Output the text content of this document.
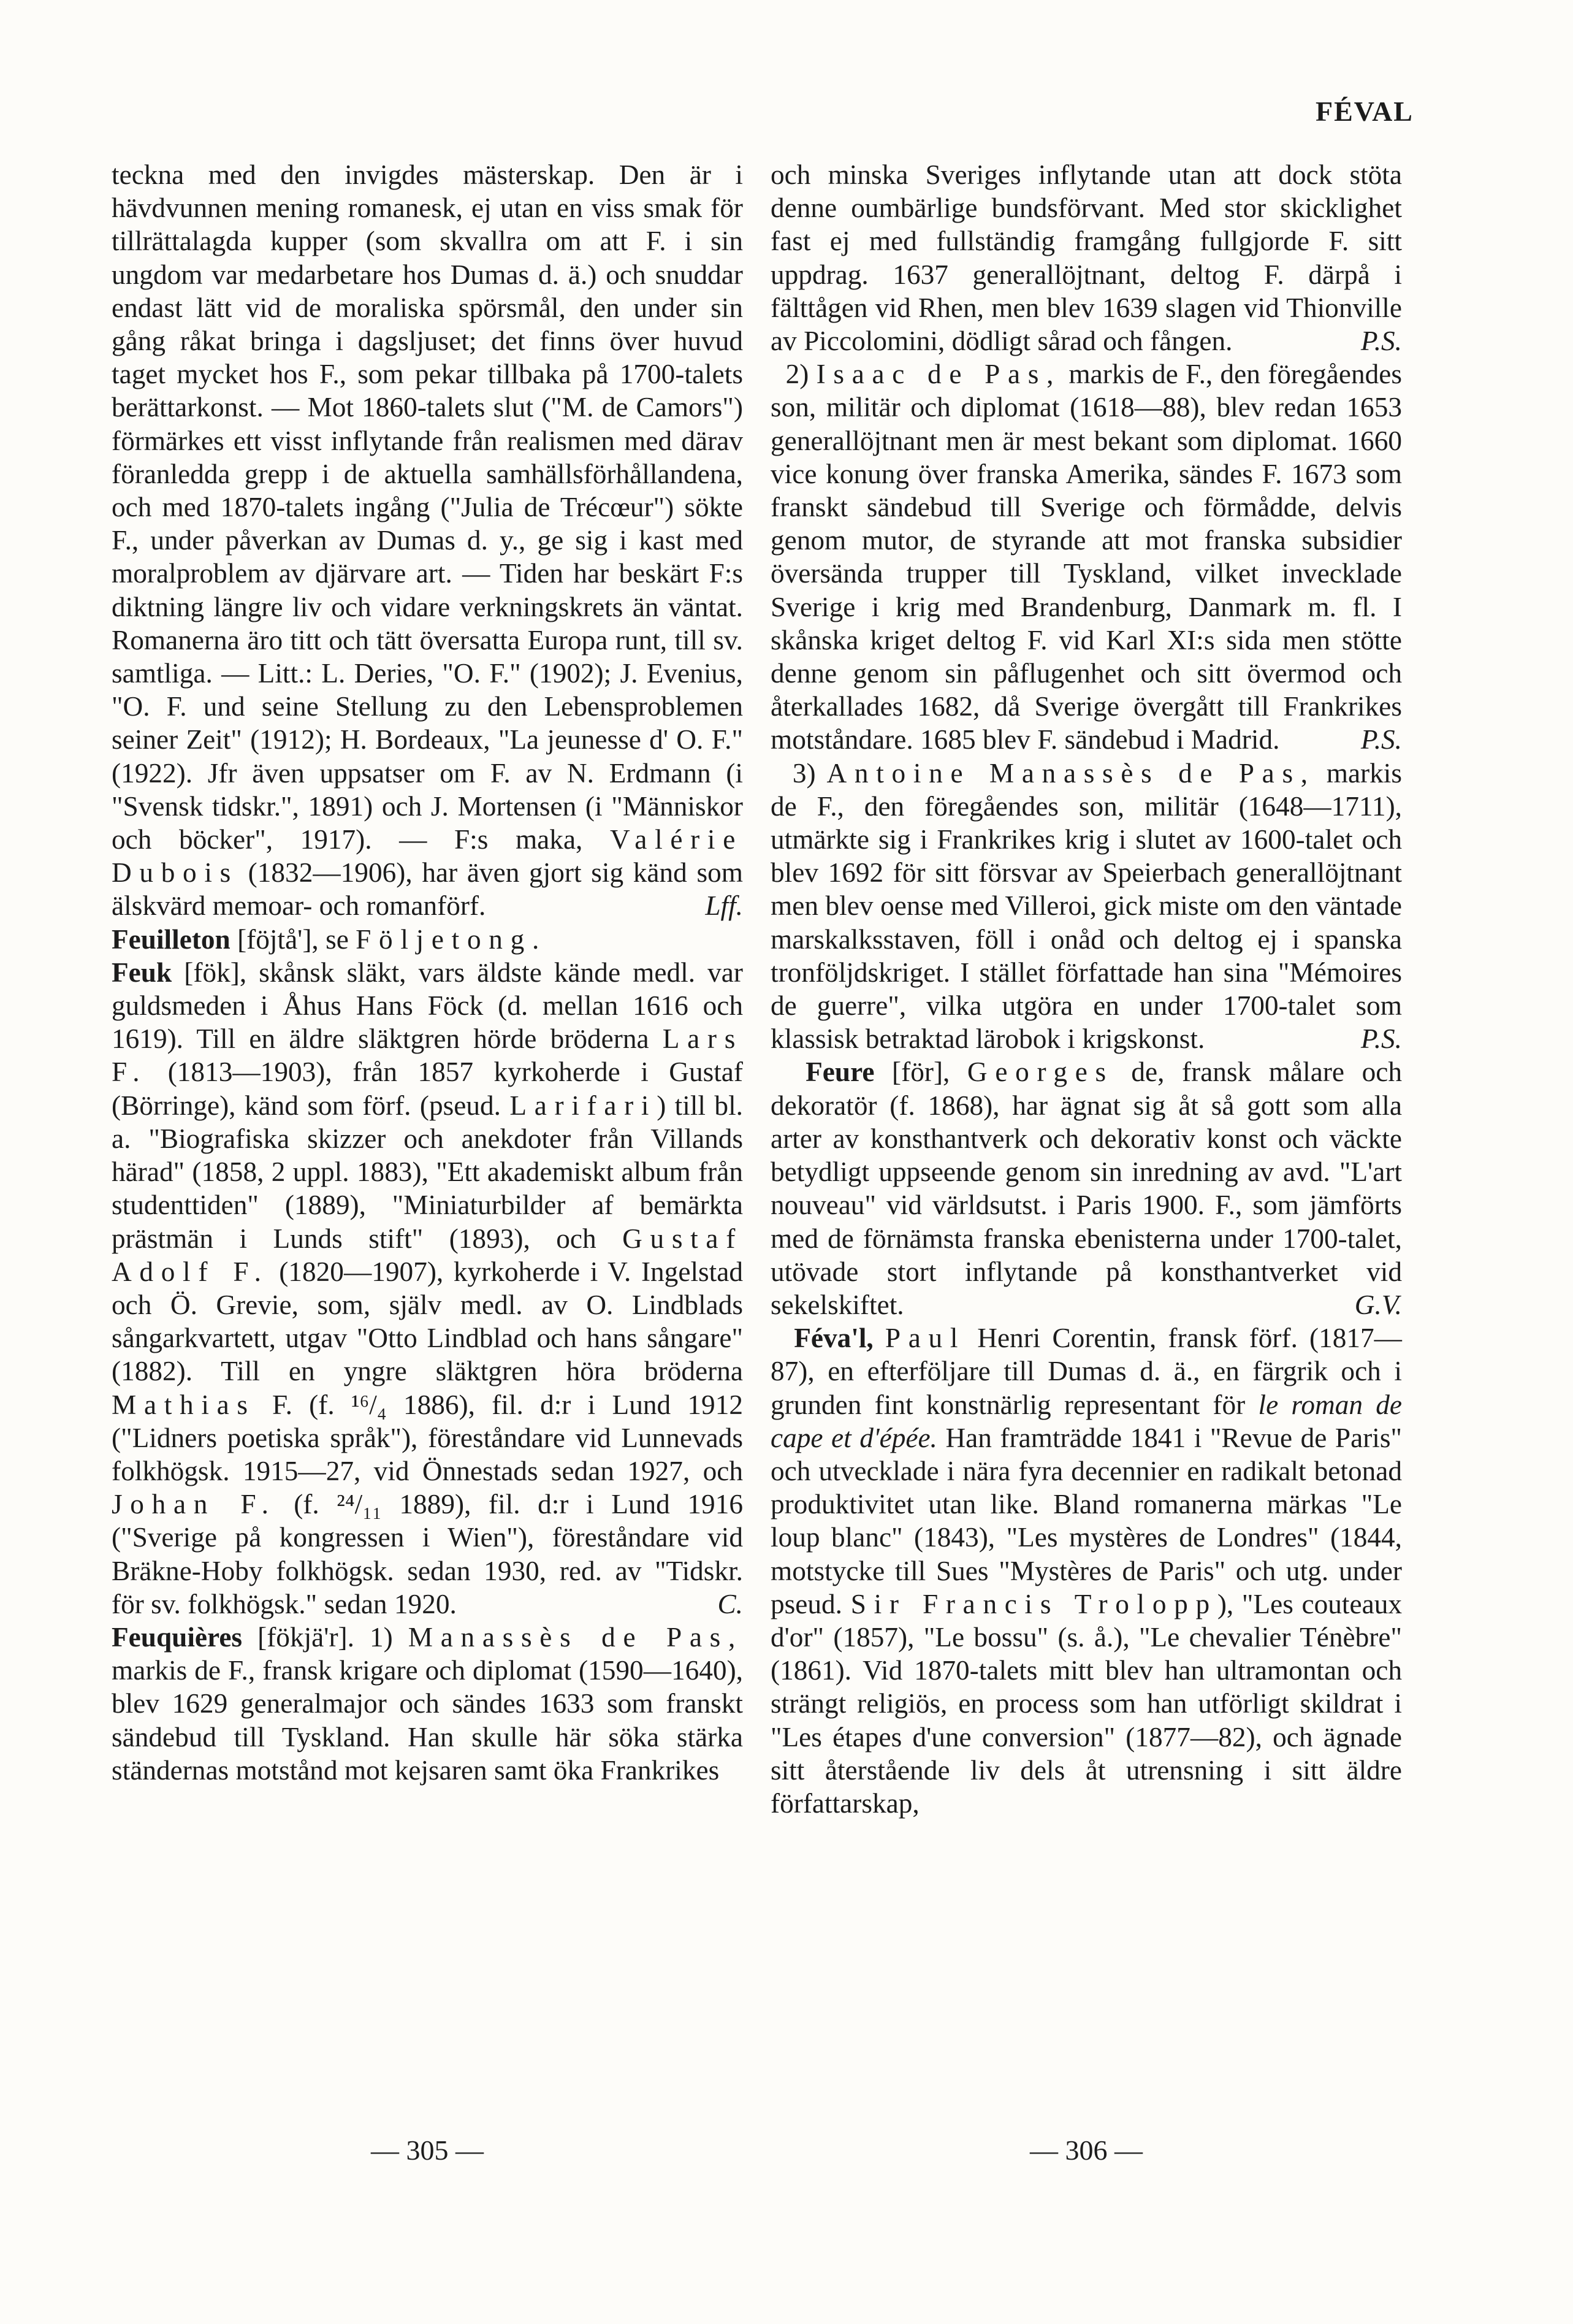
FÉVAL

teckna med den invigdes mästerskap. Den är i hävdvunnen mening romanesk, ej utan en viss smak för tillrättalagda kupper (som skvallra om att F. i sin ungdom var medarbetare hos Dumas d. ä.) och snuddar endast lätt vid de moraliska spörsmål, den under sin gång råkat bringa i dagsljuset; det finns över huvud taget mycket hos F., som pekar tillbaka på 1700-talets berättarkonst. — Mot 1860-talets slut ("M. de Camors") förmärkes ett visst inflytande från realismen med därav föranledda grepp i de aktuella samhällsförhållandena, och med 1870-talets ingång ("Julia de Trécœur") sökte F., under påverkan av Dumas d. y., ge sig i kast med moralproblem av djärvare art. — Tiden har beskärt F:s diktning längre liv och vidare verkningskrets än väntat. Romanerna äro titt och tätt översatta Europa runt, till sv. samtliga. — Litt.: L. Deries, "O. F." (1902); J. Evenius, "O. F. und seine Stellung zu den Lebensproblemen seiner Zeit" (1912); H. Bordeaux, "La jeunesse d' O. F." (1922). Jfr även uppsatser om F. av N. Erdmann (i "Svensk tidskr.", 1891) och J. Mortensen (i "Människor och böcker", 1917). — F:s maka, Valérie Dubois (1832—1906), har även gjort sig känd som älskvärd memoar- och romanförf.	Lff.

Feuilleton [föjtå'], se Följetong.

Feuk [fök], skånsk släkt, vars äldste kände medl. var guldsmeden i Åhus Hans Föck (d. mellan 1616 och 1619). Till en äldre släktgren hörde bröderna Lars F. (1813—1903), från 1857 kyrkoherde i Gustaf (Börringe), känd som förf. (pseud. Larifari) till bl. a. "Biografiska skizzer och anekdoter från Villands härad" (1858, 2 uppl. 1883), "Ett akademiskt album från studenttiden" (1889), "Miniaturbilder af bemärkta prästmän i Lunds stift" (1893), och Gustaf Adolf F. (1820—1907), kyrkoherde i V. Ingelstad och Ö. Grevie, som, själv medl. av O. Lindblads sångarkvartett, utgav "Otto Lindblad och hans sångare" (1882). Till en yngre släktgren höra bröderna Mathias F. (f. ¹⁶/₄ 1886), fil. d:r i Lund 1912 ("Lidners poetiska språk"), föreståndare vid Lunnevads folkhögsk. 1915—27, vid Önnestads sedan 1927, och Johan F. (f. ²⁴/₁₁ 1889), fil. d:r i Lund 1916 ("Sverige på kongressen i Wien"), föreståndare vid Bräkne-Hoby folkhögsk. sedan 1930, red. av "Tidskr. för sv. folkhögsk." sedan 1920.	C.

Feuquières [fökjä'r]. 1) Manassès de Pas, markis de F., fransk krigare och diplomat (1590—1640), blev 1629 generalmajor och sändes 1633 som franskt sändebud till Tyskland. Han skulle här söka stärka ständernas motstånd mot kejsaren samt öka Frankrikes

och minska Sveriges inflytande utan att dock stöta denne oumbärlige bundsförvant. Med stor skicklighet fast ej med fullständig framgång fullgjorde F. sitt uppdrag. 1637 generallöjtnant, deltog F. därpå i fälttågen vid Rhen, men blev 1639 slagen vid Thionville av Piccolomini, dödligt sårad och fången.	P.S.

2) Isaac de Pas, markis de F., den föregåendes son, militär och diplomat (1618—88), blev redan 1653 generallöjtnant men är mest bekant som diplomat. 1660 vice konung över franska Amerika, sändes F. 1673 som franskt sändebud till Sverige och förmådde, delvis genom mutor, de styrande att mot franska subsidier översända trupper till Tyskland, vilket invecklade Sverige i krig med Brandenburg, Danmark m. fl. I skånska kriget deltog F. vid Karl XI:s sida men stötte denne genom sin påflugenhet och sitt övermod och återkallades 1682, då Sverige övergått till Frankrikes motståndare. 1685 blev F. sändebud i Madrid.	P.S.

3) Antoine Manassès de Pas, markis de F., den föregåendes son, militär (1648—1711), utmärkte sig i Frankrikes krig i slutet av 1600-talet och blev 1692 för sitt försvar av Speierbach generallöjtnant men blev oense med Villeroi, gick miste om den väntade marskalksstaven, föll i onåd och deltog ej i spanska tronföljdskriget. I stället författade han sina "Mémoires de guerre", vilka utgöra en under 1700-talet som klassisk betraktad lärobok i krigskonst.	P.S.

Feure [för], Georges de, fransk målare och dekoratör (f. 1868), har ägnat sig åt så gott som alla arter av konsthantverk och dekorativ konst och väckte betydligt uppseende genom sin inredning av avd. "L'art nouveau" vid världsutst. i Paris 1900. F., som jämförts med de förnämsta franska ebenisterna under 1700-talet, utövade stort inflytande på konsthantverket vid sekelskiftet.	G.V.

Féva'l, Paul Henri Corentin, fransk förf. (1817—87), en efterföljare till Dumas d. ä., en färgrik och i grunden fint konstnärlig representant för le roman de cape et d'épée. Han framträdde 1841 i "Revue de Paris" och utvecklade i nära fyra decennier en radikalt betonad produktivitet utan like. Bland romanerna märkas "Le loup blanc" (1843), "Les mystères de Londres" (1844, motstycke till Sues "Mystères de Paris" och utg. under pseud. Sir Francis Trolopp), "Les couteaux d'or" (1857), "Le bossu" (s. å.), "Le chevalier Ténèbre" (1861). Vid 1870-talets mitt blev han ultramontan och strängt religiös, en process som han utförligt skildrat i "Les étapes d'une conversion" (1877—82), och ägnade sitt återstående liv dels åt utrensning i sitt äldre författarskap,

— 305 —	— 306 —
